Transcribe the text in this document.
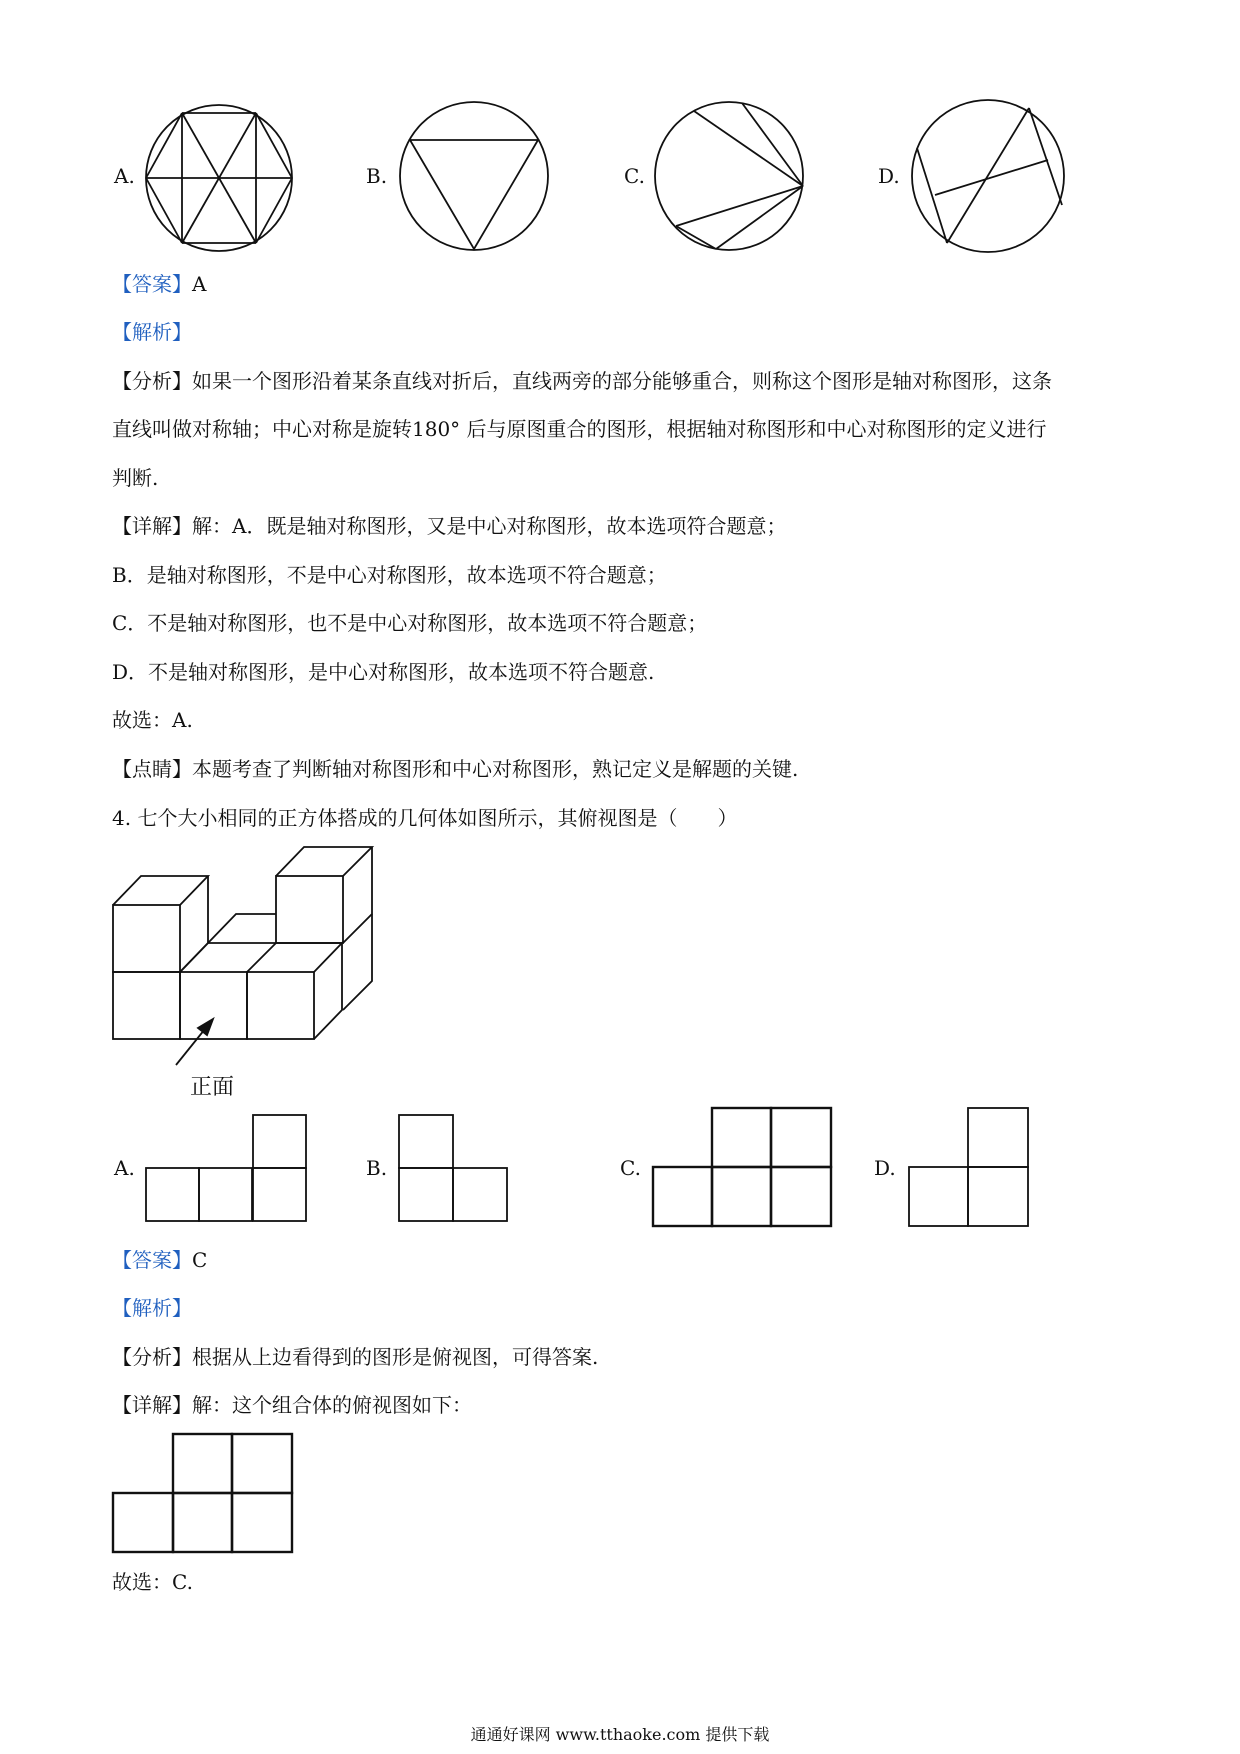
A.	B.	C.	D.
【答案】A
【解析】
【分析】如果一个图形沿着某条直线对折后，直线两旁的部分能够重合，则称这个图形是轴对称图形，这条
直线叫做对称轴；中心对称是旋转180° 后与原图重合的图形，根据轴对称图形和中心对称图形的定义进行
判断.
【详解】解：A．既是轴对称图形，又是中心对称图形，故本选项符合题意；
B．是轴对称图形，不是中心对称图形，故本选项不符合题意；
C．不是轴对称图形，也不是中心对称图形，故本选项不符合题意；
D．不是轴对称图形，是中心对称图形，故本选项不符合题意.
故选：A.
【点睛】本题考查了判断轴对称图形和中心对称图形，熟记定义是解题的关键.
4. 七个大小相同的正方体搭成的几何体如图所示，其俯视图是（　　）
正面
A.	B.	C.	D.
【答案】C
【解析】
【分析】根据从上边看得到的图形是俯视图，可得答案.
【详解】解：这个组合体的俯视图如下：
故选：C.
通通好课网 www.tthaoke.com 提供下载
